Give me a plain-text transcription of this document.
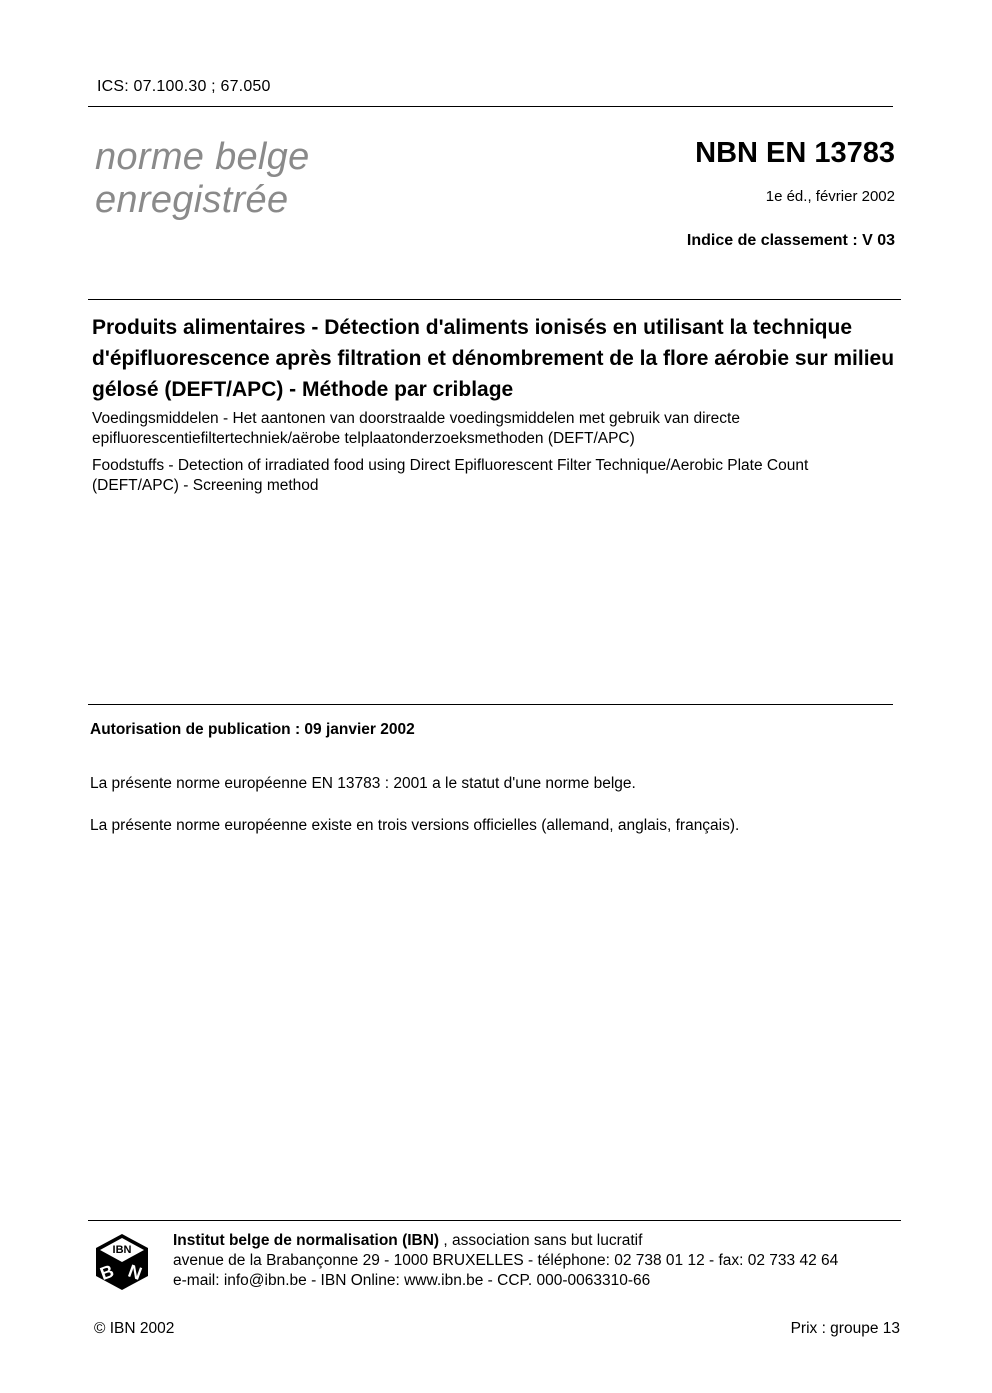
ICS: 07.100.30 ; 67.050
norme belge
enregistrée
NBN EN 13783
1e éd., février 2002
Indice de classement : V 03
Produits alimentaires - Détection d'aliments ionisés en utilisant la technique d'épifluorescence après filtration et dénombrement de la flore aérobie sur milieu gélosé (DEFT/APC) - Méthode par criblage
Voedingsmiddelen - Het aantonen van doorstraalde voedingsmiddelen met gebruik van directe epifluorescentiefiltertechniek/aërobe telplaatonderzoeksmethoden (DEFT/APC)
Foodstuffs - Detection of irradiated food using Direct Epifluorescent Filter Technique/Aerobic Plate Count (DEFT/APC) - Screening method
Autorisation de publication : 09 janvier 2002
La présente norme européenne EN 13783 : 2001 a le statut d'une norme belge.
La présente norme européenne existe en trois versions officielles (allemand, anglais, français).
IBN
B N
Institut belge de normalisation (IBN) , association sans but lucratif
avenue de la Brabançonne 29 - 1000 BRUXELLES - téléphone: 02 738 01 12 - fax: 02 733 42 64
e-mail: info@ibn.be - IBN Online: www.ibn.be - CCP. 000-0063310-66
© IBN 2002	Prix : groupe 13
